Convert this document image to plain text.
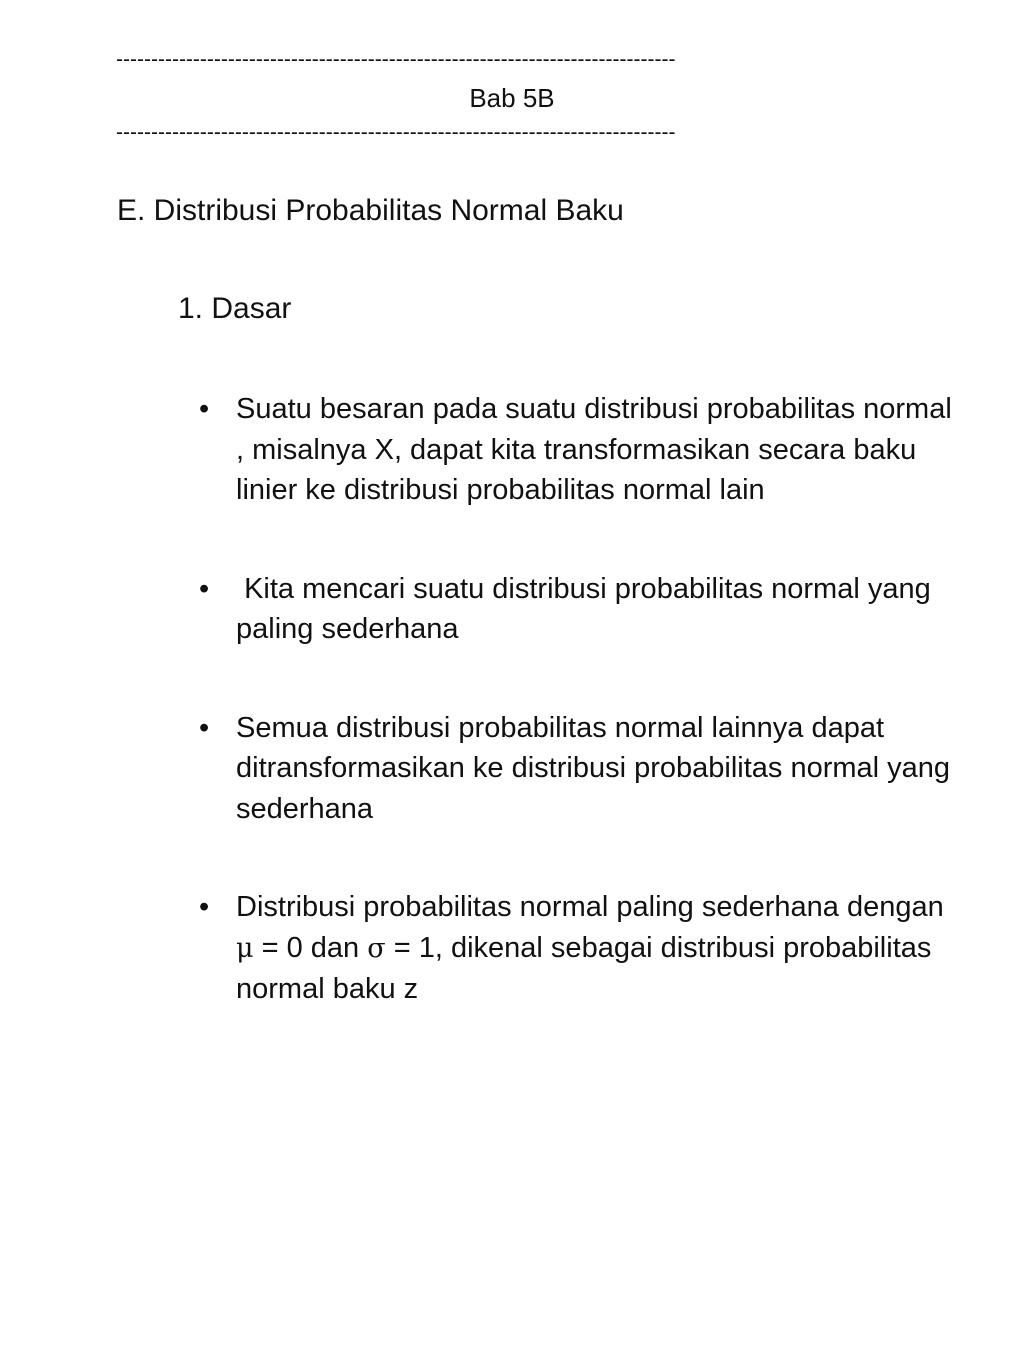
--------------------------------------------------------------------------------
Bab 5B
--------------------------------------------------------------------------------
E. Distribusi Probabilitas Normal Baku
1. Dasar
• Suatu besaran pada suatu distribusi probabilitas normal , misalnya X, dapat kita transformasikan secara baku linier ke distribusi probabilitas normal lain
• Kita mencari suatu distribusi probabilitas normal yang paling sederhana
• Semua distribusi probabilitas normal lainnya dapat ditransformasikan ke distribusi probabilitas normal yang sederhana
• Distribusi probabilitas normal paling sederhana dengan μ = 0 dan σ = 1, dikenal sebagai distribusi probabilitas normal baku z
